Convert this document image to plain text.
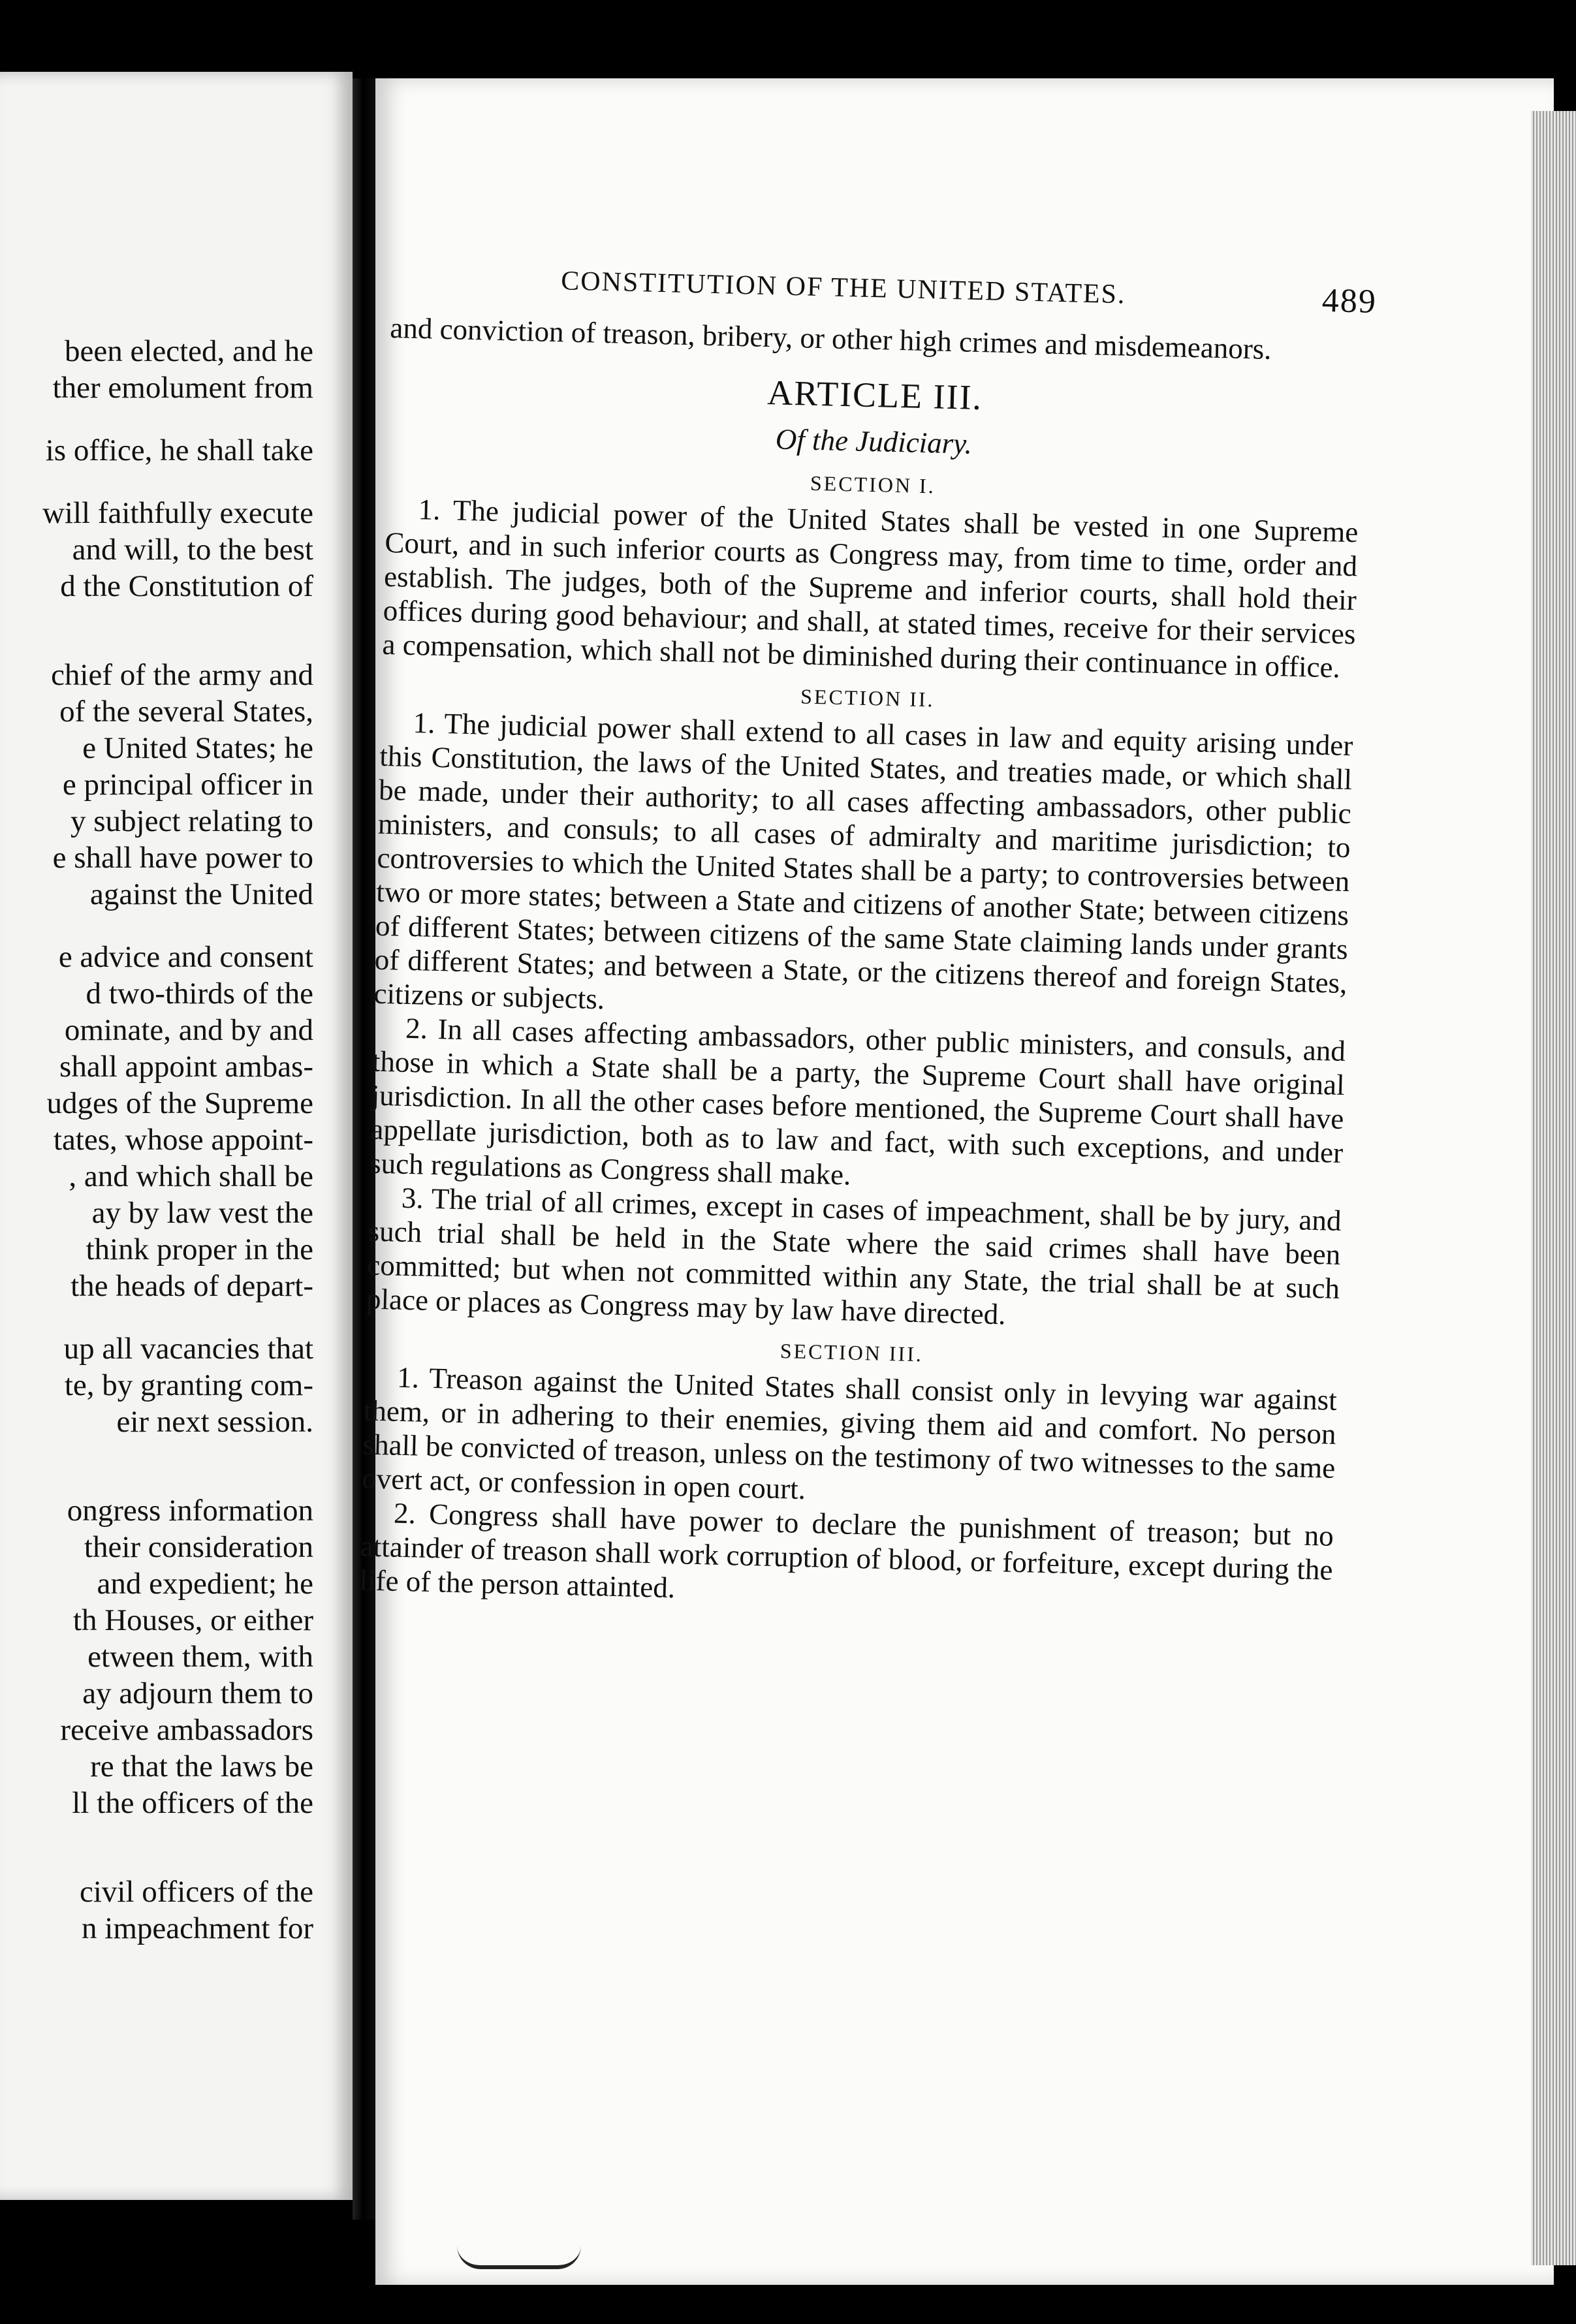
been elected, and he
ther emolument from
is office, he shall take
will faithfully execute
and will, to the best
d the Constitution of
chief of the army and
of the several States,
e United States; he
e principal officer in
y subject relating to
e shall have power to
against the United
e advice and consent
d two-thirds of the
ominate, and by and
shall appoint ambas-
udges of the Supreme
tates, whose appoint-
, and which shall be
ay by law vest the
think proper in the
the heads of depart-
up all vacancies that
te, by granting com-
eir next session.
ongress information
their consideration
and expedient; he
th Houses, or either
etween them, with
ay adjourn them to
receive ambassadors
re that the laws be
ll the officers of the
civil officers of the
n impeachment for
CONSTITUTION OF THE UNITED STATES.	489

and conviction of treason, bribery, or other high crimes and misdemeanors.

ARTICLE III.
Of the Judiciary.
SECTION I.

1. The judicial power of the United States shall be vested in one Supreme Court, and in such inferior courts as Congress may, from time to time, order and establish. The judges, both of the Supreme and inferior courts, shall hold their offices during good behaviour; and shall, at stated times, receive for their services a compensation, which shall not be diminished during their continuance in office.

SECTION II.

1. The judicial power shall extend to all cases in law and equity arising under this Constitution, the laws of the United States, and treaties made, or which shall be made, under their authority; to all cases affecting ambassadors, other public ministers, and consuls; to all cases of admiralty and maritime jurisdiction; to controversies to which the United States shall be a party; to controversies between two or more states; between a State and citizens of another State; between citizens of different States; between citizens of the same State claiming lands under grants of different States; and between a State, or the citizens thereof and foreign States, citizens or subjects.

2. In all cases affecting ambassadors, other public ministers, and consuls, and those in which a State shall be a party, the Supreme Court shall have original jurisdiction. In all the other cases before mentioned, the Supreme Court shall have appellate jurisdiction, both as to law and fact, with such exceptions, and under such regulations as Congress shall make.

3. The trial of all crimes, except in cases of impeachment, shall be by jury, and such trial shall be held in the State where the said crimes shall have been committed; but when not committed within any State, the trial shall be at such place or places as Congress may by law have directed.

SECTION III.

1. Treason against the United States shall consist only in levying war against them, or in adhering to their enemies, giving them aid and comfort. No person shall be convicted of treason, unless on the testimony of two witnesses to the same overt act, or confession in open court.

2. Congress shall have power to declare the punishment of treason; but no attainder of treason shall work corruption of blood, or forfeiture, except during the life of the person attainted.
